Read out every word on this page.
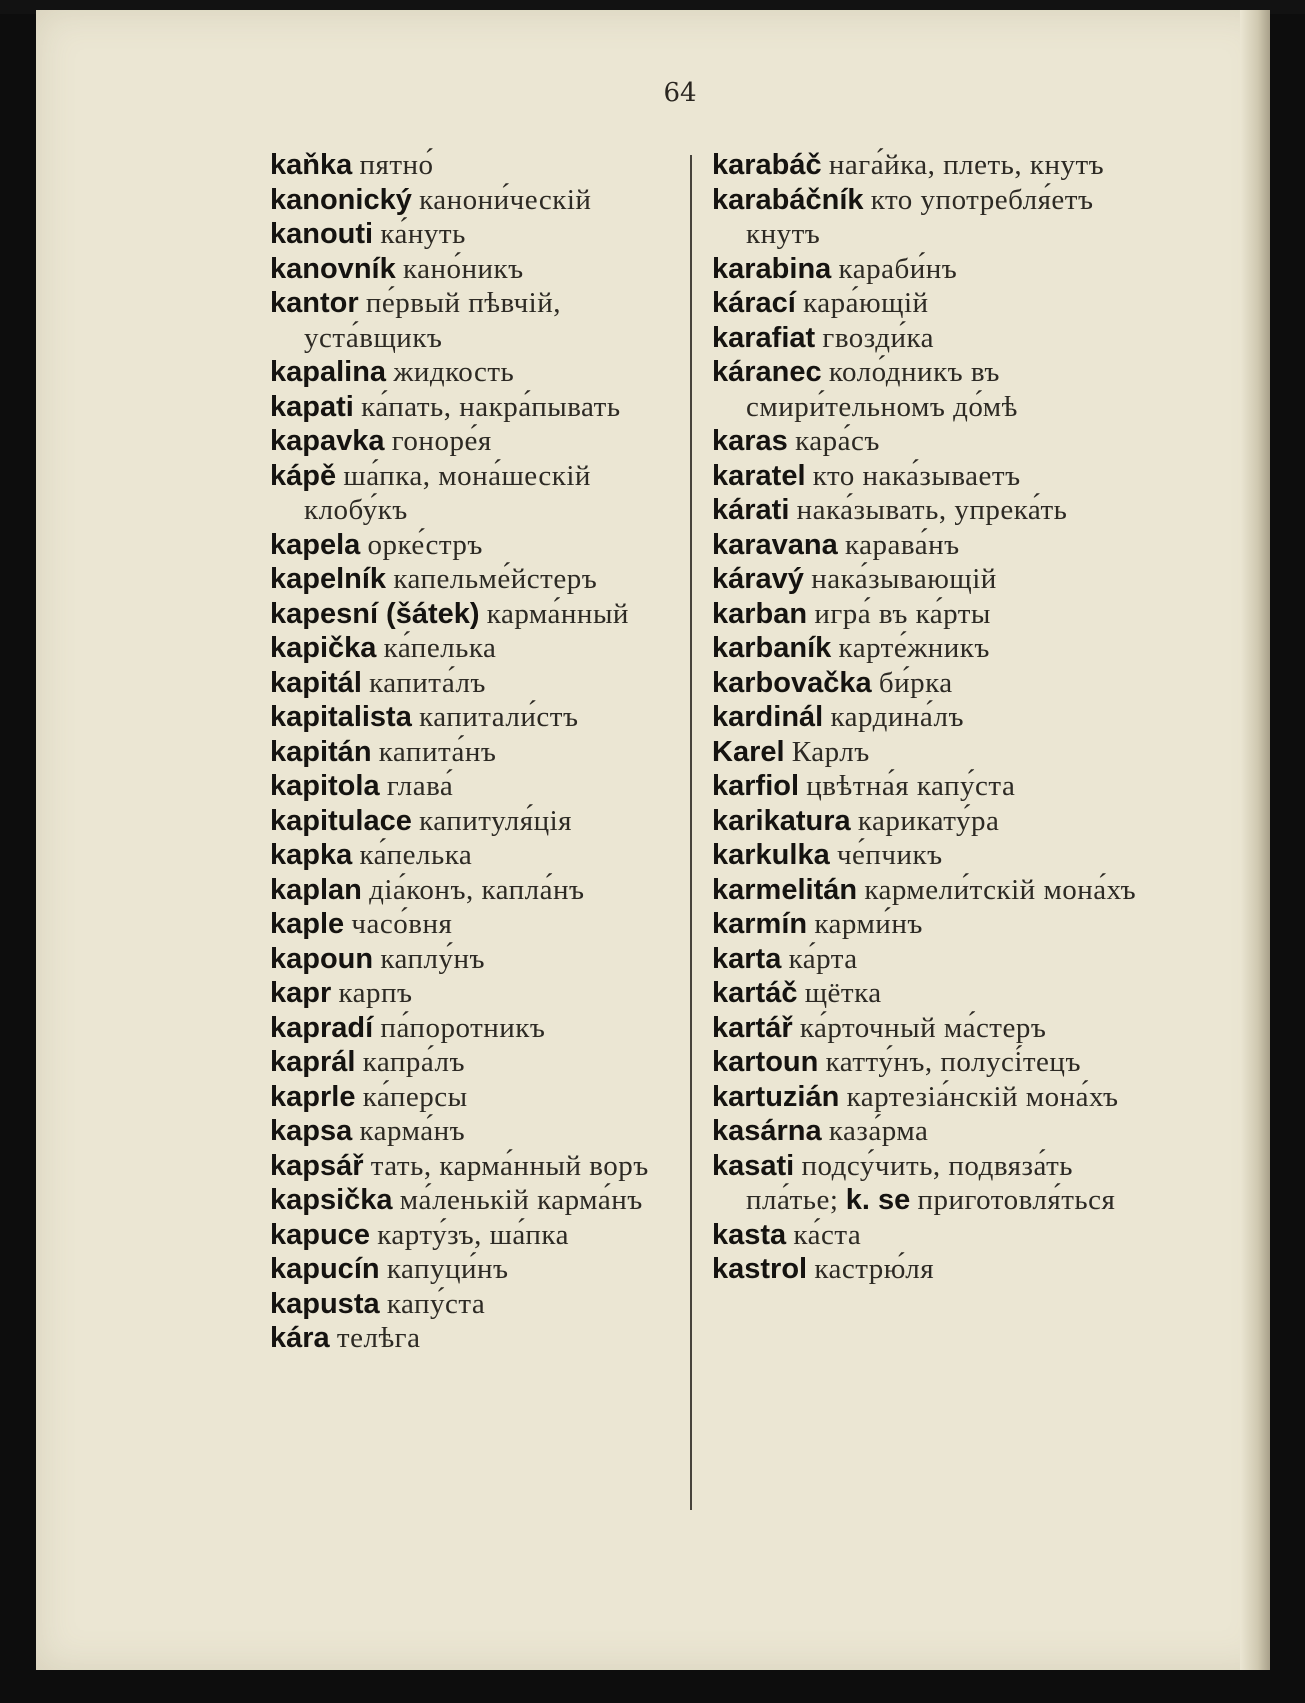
64
kaňka пятно́
kanonický канони́ческій
kanouti ка́нуть
kanovník кано́никъ
kantor пе́рвый пѣвчій, уста́вщикъ
kapalina жидкость
kapati ка́пать, накра́пывать
kapavka гоноре́я
kápě ша́пка, мона́шескій клобу́къ
kapela орке́стръ
kapelník капельме́йстеръ
kapesní (šátek) карма́нный
kapička ка́пелька
kapitál капита́лъ
kapitalista капитали́стъ
kapitán капита́нъ
kapitola глава́
kapitulace капитуля́ція
kapka ка́пелька
kaplan діа́конъ, капла́нъ
kaple часо́вня
kapoun каплу́нъ
kapr карпъ
kapradí па́поротникъ
kaprál капра́лъ
kaprle ка́персы
kapsa карма́нъ
kapsář тать, карма́нный воръ
kapsička ма́ленькій карма́нъ
kapuce карту́зъ, ша́пка
kapucín капуци́нъ
kapusta капу́ста
kára телѣга
karabáč нага́йка, плеть, кнутъ
karabáčník кто употребля́етъ кнутъ
karabina караби́нъ
kárací кара́ющій
karafiat гвозди́ка
káranec коло́дникъ въ смири́тельномъ до́мѣ
karas кара́съ
karatel кто нака́зываетъ
kárati нака́зывать, упрека́ть
karavana карава́нъ
káravý нака́зывающій
karban игра́ въ ка́рты
karbaník карте́жникъ
karbovačka би́рка
kardinál кардина́лъ
Karel Карлъ
karfiol цвѣтна́я капу́ста
karikatura карикату́ра
karkulka че́пчикъ
karmelitán кармели́тскій мона́хъ
karmín карми́нъ
karta ка́рта
kartáč щётка
kartář ка́рточный ма́стеръ
kartoun катту́нъ, полусі́тецъ
kartuzián картезіа́нскій мона́хъ
kasárna каза́рма
kasati подсу́чить, подвяза́ть пла́тье; k. se приготовля́ться
kasta ка́ста
kastrol кастрю́ля
